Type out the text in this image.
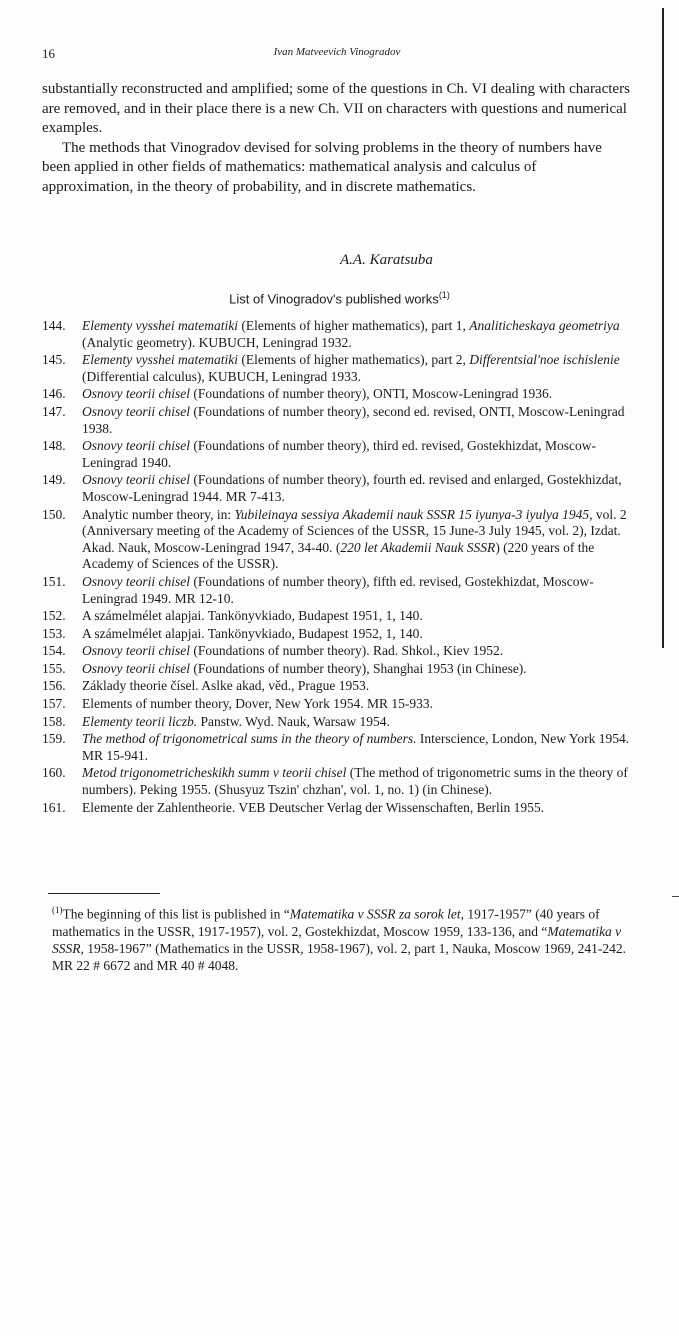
16	Ivan Matveevich Vinogradov

substantially reconstructed and amplified; some of the questions in Ch. VI dealing with characters are removed, and in their place there is a new Ch. VII on characters with questions and numerical examples.

The methods that Vinogradov devised for solving problems in the theory of numbers have been applied in other fields of mathematics: mathematical analysis and calculus of approximation, in the theory of probability, and in discrete mathematics.

A.A. Karatsuba
List of Vinogradov's published works$^{(1)}$
144.	Elementy vysshei matematiki (Elements of higher mathematics), part 1, Analiticheskaya geometriya (Analytic geometry). KUBUCH, Leningrad 1932.
145.	Elementy vysshei matematiki (Elements of higher mathematics), part 2, Differentsial'noe ischislenie (Differential calculus), KUBUCH, Leningrad 1933.
146.	Osnovy teorii chisel (Foundations of number theory), ONTI, Moscow-Leningrad 1936.
147.	Osnovy teorii chisel (Foundations of number theory), second ed. revised, ONTI, Moscow-Leningrad 1938.
148.	Osnovy teorii chisel (Foundations of number theory), third ed. revised, Gostekhizdat, Moscow-Leningrad 1940.
149.	Osnovy teorii chisel (Foundations of number theory), fourth ed. revised and enlarged, Gostekhizdat, Moscow-Leningrad 1944. MR 7-413.
150.	Analytic number theory, in: Yubileinaya sessiya Akademii nauk SSSR 15 iyunya-3 iyulya 1945, vol. 2 (Anniversary meeting of the Academy of Sciences of the USSR, 15 June-3 July 1945, vol. 2), Izdat. Akad. Nauk, Moscow-Leningrad 1947, 34-40. (220 let Akademii Nauk SSSR) (220 years of the Academy of Sciences of the USSR).
151.	Osnovy teorii chisel (Foundations of number theory), fifth ed. revised, Gostekhizdat, Moscow-Leningrad 1949. MR 12-10.
152.	A számelmélet alapjai. Tankönyvkiado, Budapest 1951, 1, 140.
153.	A számelmélet alapjai. Tankönyvkiado, Budapest 1952, 1, 140.
154.	Osnovy teorii chisel (Foundations of number theory). Rad. Shkol., Kiev 1952.
155.	Osnovy teorii chisel (Foundations of number theory), Shanghai 1953 (in Chinese).
156.	Základy theorie čísel. Aslke akad, věd., Prague 1953.
157.	Elements of number theory, Dover, New York 1954. MR 15-933.
158.	Elementy teorii liczb. Panstw. Wyd. Nauk, Warsaw 1954.
159.	The method of trigonometrical sums in the theory of numbers. Interscience, London, New York 1954. MR 15-941.
160.	Metod trigonometricheskikh summ v teorii chisel (The method of trigonometric sums in the theory of numbers). Peking 1955. (Shusyuz Tszin' chzhan', vol. 1, no. 1) (in Chinese).
161.	Elemente der Zahlentheorie. VEB Deutscher Verlag der Wissenschaften, Berlin 1955.
$^{(1)}$The beginning of this list is published in “Matematika v SSSR za sorok let, 1917-1957” (40 years of mathematics in the USSR, 1917-1957), vol. 2, Gostekhizdat, Moscow 1959, 133-136, and “Matematika v SSSR, 1958-1967” (Mathematics in the USSR, 1958-1967), vol. 2, part 1, Nauka, Moscow 1969, 241-242. MR 22 # 6672 and MR 40 # 4048.
